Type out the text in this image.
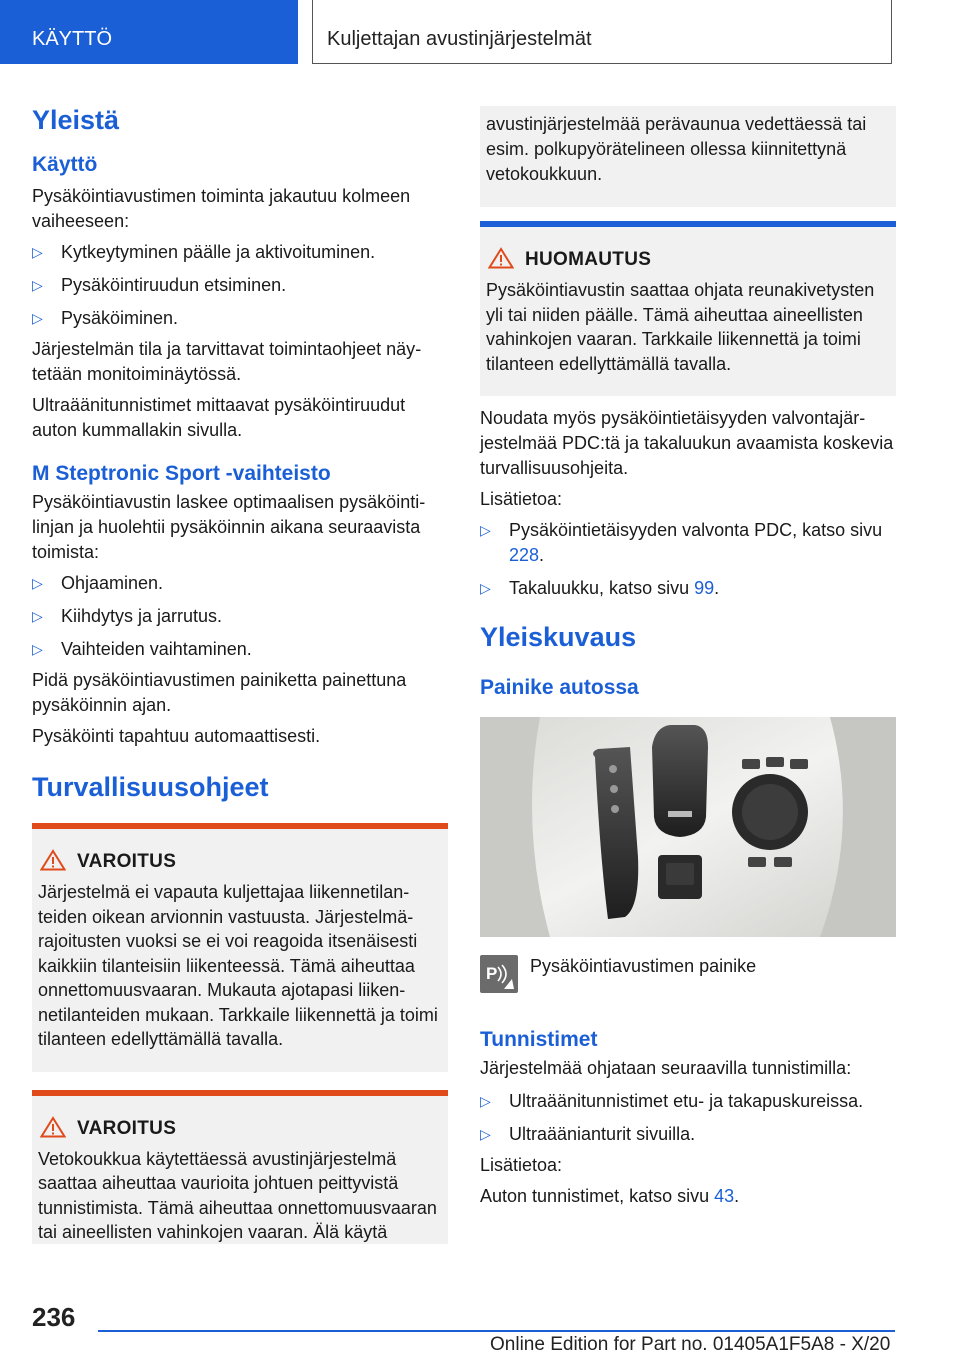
KÄYTTÖ	Kuljettajan avustinjärjestelmät
Yleistä
Käyttö

Pysäköintiavustimen toiminta jakautuu kolmeen vaiheeseen:

▷ Kytkeytyminen päälle ja aktivoituminen.
▷ Pysäköintiruudun etsiminen.
▷ Pysäköiminen.

Järjestelmän tila ja tarvittavat toimintaohjeet näytetään monitoiminäytössä.

Ultraäänitunnistimet mittaavat pysäköintiruudut auton kummallakin sivulla.

M Steptronic Sport -vaihteisto

Pysäköintiavustin laskee optimaalisen pysäköintilinjan ja huolehtii pysäköinnin aikana seuraavista toimista:

▷ Ohjaaminen.
▷ Kiihdytys ja jarrutus.
▷ Vaihteiden vaihtaminen.

Pidä pysäköintiavustimen painiketta painettuna pysäköinnin ajan.

Pysäköinti tapahtuu automaattisesti.

Turvallisuusohjeet
VAROITUS

Järjestelmä ei vapauta kuljettajaa liikennetilanteiden oikean arvionnin vastuusta. Järjestelmärajoitusten vuoksi se ei voi reagoida itsenäisesti kaikkiin tilanteisiin liikenteessä. Tämä aiheuttaa onnettomuusvaaran. Mukauta ajotapasi liikennetilanteiden mukaan. Tarkkaile liikennettä ja toimi tilanteen edellyttämällä tavalla.

VAROITUS

Vetokoukkua käytettäessä avustinjärjestelmä saattaa aiheuttaa vaurioita johtuen peittyvistä tunnistimista. Tämä aiheuttaa onnettomuusvaaran tai aineellisten vahinkojen vaaran. Älä käytä

avustinjärjestelmää perävaunua vedettäessä tai esim. polkupyörätelineen ollessa kiinnitettynä vetokoukkuun.

HUOMAUTUS

Pysäköintiavustin saattaa ohjata reunakivetysten yli tai niiden päälle. Tämä aiheuttaa aineellisten vahinkojen vaaran. Tarkkaile liikennettä ja toimi tilanteen edellyttämällä tavalla.

Noudata myös pysäköintietäisyyden valvontajärjestelmää PDC:tä ja takaluukun avaamista koskevia turvallisuusohjeita.

Lisätietoa:

▷ Pysäköintietäisyyden valvonta PDC, katso sivu 228.
▷ Takaluukku, katso sivu 99.
Yleiskuvaus
Painike autossa
P Pysäköintiavustimen painike

Tunnistimet

Järjestelmää ohjataan seuraavilla tunnistimilla:

▷ Ultraäänitunnistimet etu- ja takapuskureissa.
▷ Ultraäänianturit sivuilla.

Lisätietoa:

Auton tunnistimet, katso sivu 43.

236
Online Edition for Part no. 01405A1F5A8 - X/20
